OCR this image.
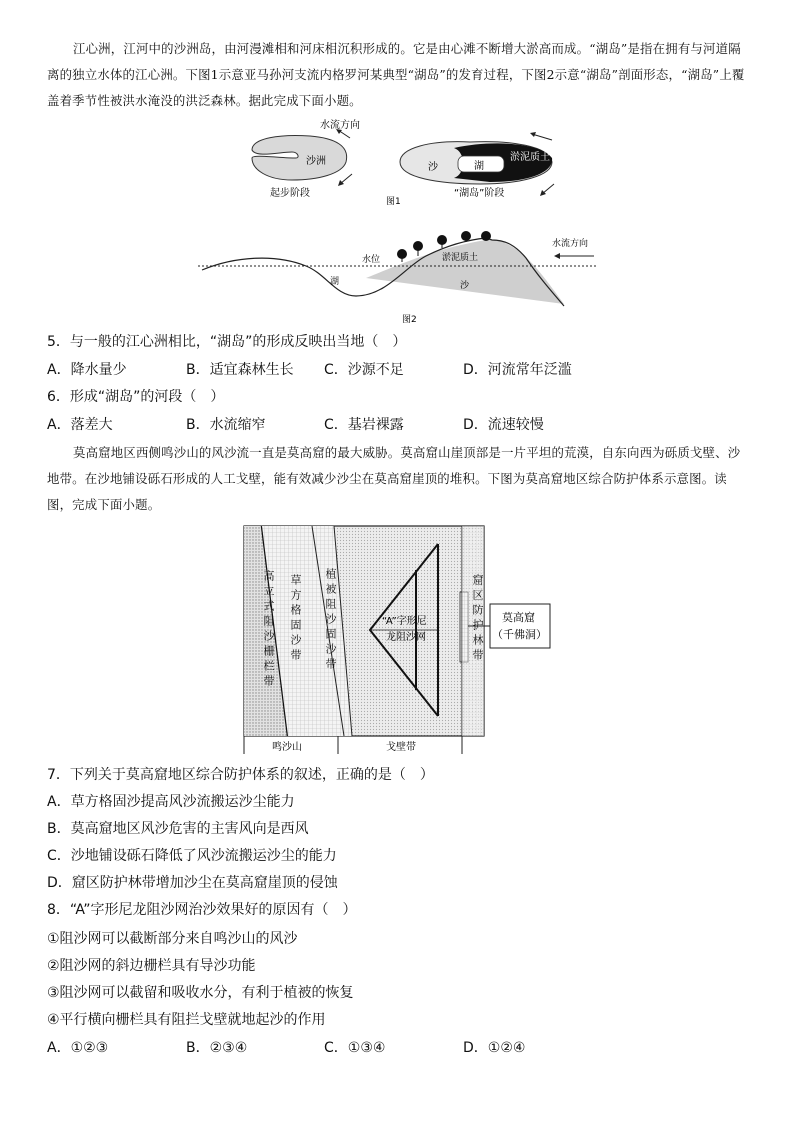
江心洲，江河中的沙洲岛，由河漫滩相和河床相沉积形成的。它是由心滩不断增大淤高而成。“湖岛”是指在拥有与河道隔离的独立水体的江心洲。下图1示意亚马孙河支流内格罗河某典型“湖岛”的发育过程，下图2示意“湖岛”剖面形态，“湖岛”上覆盖着季节性被洪水淹没的洪泛森林。据此完成下面小题。
沙洲
水流方向
起步阶段
湖
沙
淤泥质土
“湖岛”阶段
图1
水位	淤泥质土
湖	沙
水流方向
图2
5．与一般的江心洲相比，“湖岛”的形成反映出当地（　）
A．降水量少	B．适宜森林生长 C．沙源不足	D．河流常年泛滥
6．形成“湖岛”的河段（　）
A．落差大	B．水流缩窄	C．基岩裸露	D．流速较慢
莫高窟地区西侧鸣沙山的风沙流一直是莫高窟的最大威胁。莫高窟山崖顶部是一片平坦的荒漠，自东向西为砾质戈壁、沙地带。在沙地铺设砾石形成的人工戈壁，能有效减少沙尘在莫高窟崖顶的堆积。下图为莫高窟地区综合防护体系示意图。读图，完成下面小题。
鸣沙山	戈壁带
莫高窟
（千佛洞）
“A”字形尼
龙阻沙网
高立式阻沙栅栏带 草方格固沙带 植被阻沙固沙带	窟区防护林带
7．下列关于莫高窟地区综合防护体系的叙述，正确的是（　）
A．草方格固沙提高风沙流搬运沙尘能力
B．莫高窟地区风沙危害的主害风向是西风
C．沙地铺设砾石降低了风沙流搬运沙尘的能力
D．窟区防护林带增加沙尘在莫高窟崖顶的侵蚀
8．“A”字形尼龙阻沙网治沙效果好的原因有（　）
①阻沙网可以截断部分来自鸣沙山的风沙
②阻沙网的斜边栅栏具有导沙功能
③阻沙网可以截留和吸收水分，有利于植被的恢复
④平行横向栅栏具有阻拦戈壁就地起沙的作用
A．①②③	B．②③④	C．①③④	D．①②④
